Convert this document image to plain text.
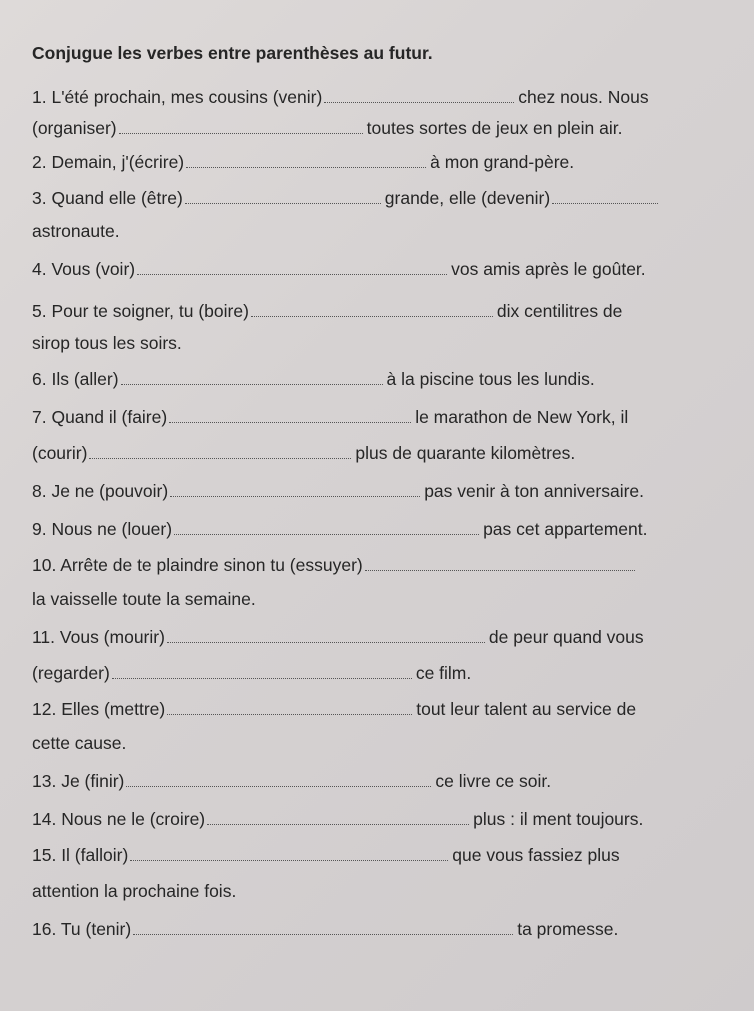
Conjugue les verbes entre parenthèses au futur.
1. L'été prochain, mes cousins (venir)	chez nous. Nous
(organiser)	toutes sortes de jeux en plein air.
2. Demain, j'(écrire)	à mon grand-père.
3. Quand elle (être)	grande, elle (devenir)
astronaute.
4. Vous (voir)	vos amis après le goûter.
5. Pour te soigner, tu (boire)	dix centilitres de
sirop tous les soirs.
6. Ils (aller)	à la piscine tous les lundis.
7. Quand il (faire)	le marathon de New York, il
(courir)	plus de quarante kilomètres.
8. Je ne (pouvoir)	pas venir à ton anniversaire.
9. Nous ne (louer)	pas cet appartement.
10. Arrête de te plaindre sinon tu (essuyer)
la vaisselle toute la semaine.
11. Vous (mourir)	de peur quand vous
(regarder)	ce film.
12. Elles (mettre)	tout leur talent au service de
cette cause.
13. Je (finir)	ce livre ce soir.
14. Nous ne le (croire)	plus : il ment toujours.
15. Il (falloir)	que vous fassiez plus
attention la prochaine fois.
16. Tu (tenir)	ta promesse.
